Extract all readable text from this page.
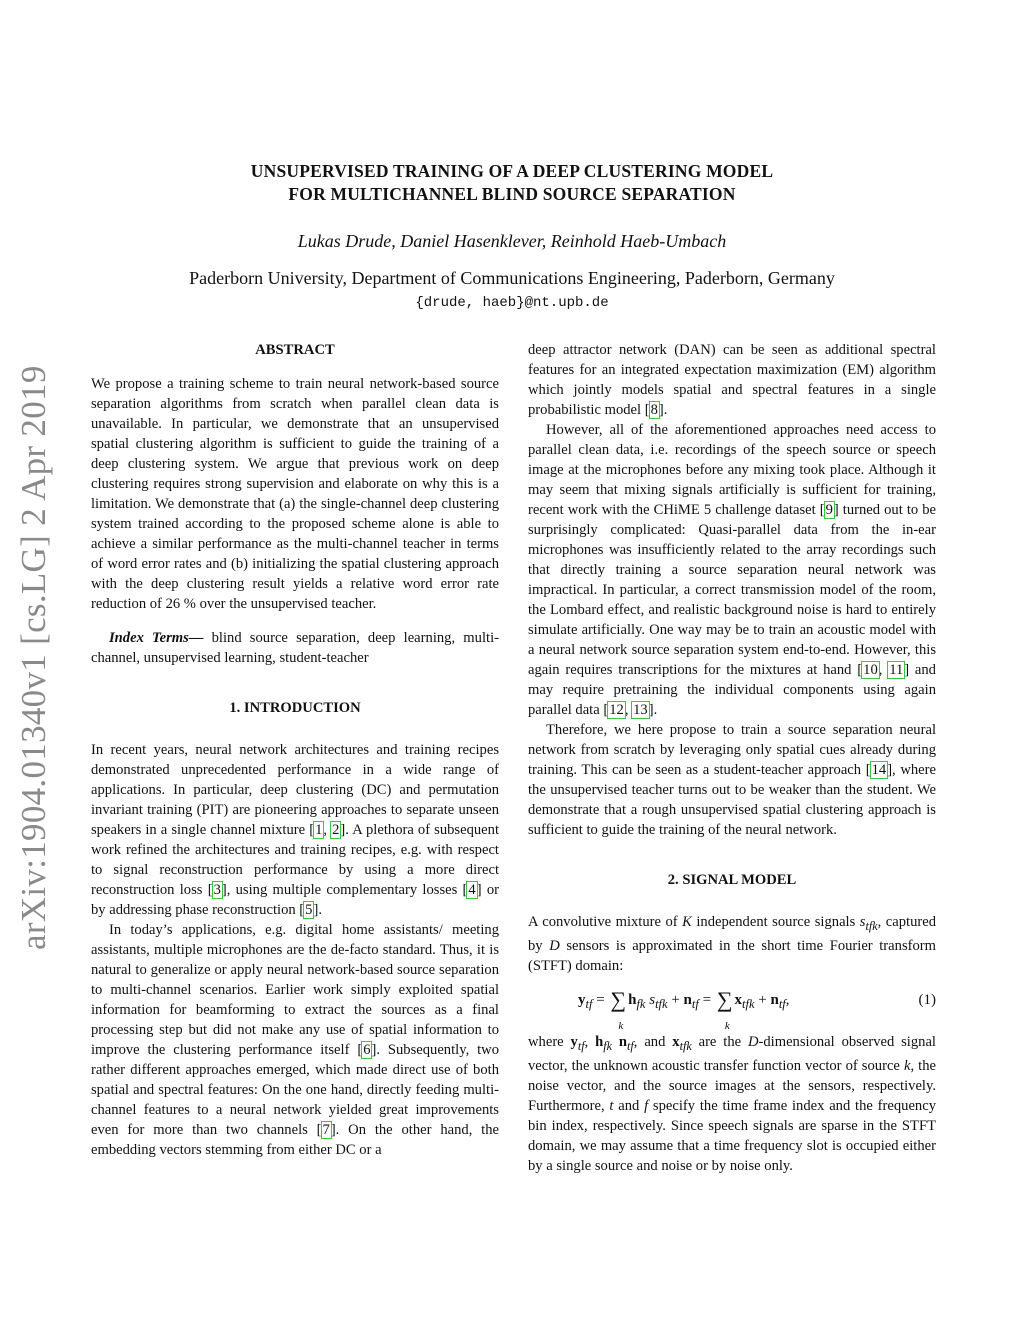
arXiv:1904.01340v1 [cs.LG] 2 Apr 2019
UNSUPERVISED TRAINING OF A DEEP CLUSTERING MODEL
FOR MULTICHANNEL BLIND SOURCE SEPARATION
Lukas Drude, Daniel Hasenklever, Reinhold Haeb-Umbach
Paderborn University, Department of Communications Engineering, Paderborn, Germany
{drude, haeb}@nt.upb.de
ABSTRACT

We propose a training scheme to train neural network-based source separation algorithms from scratch when parallel clean data is unavailable. In particular, we demonstrate that an unsupervised spatial clustering algorithm is sufficient to guide the training of a deep clustering system. We argue that previous work on deep clustering requires strong supervision and elaborate on why this is a limitation. We demonstrate that (a) the single-channel deep clustering system trained according to the proposed scheme alone is able to achieve a similar performance as the multi-channel teacher in terms of word error rates and (b) initializing the spatial clustering approach with the deep clustering result yields a relative word error rate reduction of 26 % over the unsupervised teacher.

Index Terms— blind source separation, deep learning, multi-channel, unsupervised learning, student-teacher

1. INTRODUCTION

In recent years, neural network architectures and training recipes demonstrated unprecedented performance in a wide range of applications. In particular, deep clustering (DC) and permutation invariant training (PIT) are pioneering approaches to separate unseen speakers in a single channel mixture [1, 2]. A plethora of subsequent work refined the architectures and training recipes, e.g. with respect to signal reconstruction performance by using a more direct reconstruction loss [3], using multiple complementary losses [4] or by addressing phase reconstruction [5].

In today’s applications, e.g. digital home assistants/ meeting assistants, multiple microphones are the de-facto standard. Thus, it is natural to generalize or apply neural network-based source separation to multi-channel scenarios. Earlier work simply exploited spatial information for beamforming to extract the sources as a final processing step but did not make any use of spatial information to improve the clustering performance itself [6]. Subsequently, two rather different approaches emerged, which made direct use of both spatial and spectral features: On the one hand, directly feeding multi-channel features to a neural network yielded great improvements even for more than two channels [7]. On the other hand, the embedding vectors stemming from either DC or a

deep attractor network (DAN) can be seen as additional spectral features for an integrated expectation maximization (EM) algorithm which jointly models spatial and spectral features in a single probabilistic model [8].

However, all of the aforementioned approaches need access to parallel clean data, i.e. recordings of the speech source or speech image at the microphones before any mixing took place. Although it may seem that mixing signals artificially is sufficient for training, recent work with the CHiME 5 challenge dataset [9] turned out to be surprisingly complicated: Quasi-parallel data from the in-ear microphones was insufficiently related to the array recordings such that directly training a source separation neural network was impractical. In particular, a correct transmission model of the room, the Lombard effect, and realistic background noise is hard to entirely simulate artificially. One way may be to train an acoustic model with a neural network source separation system end-to-end. However, this again requires transcriptions for the mixtures at hand [10, 11] and may require pretraining the individual components using again parallel data [12, 13].

Therefore, we here propose to train a source separation neural network from scratch by leveraging only spatial cues already during training. This can be seen as a student-teacher approach [14], where the unsupervised teacher turns out to be weaker than the student. We demonstrate that a rough unsupervised spatial clustering approach is sufficient to guide the training of the neural network.

2. SIGNAL MODEL

A convolutive mixture of K independent source signals $s_{tfk}$, captured by D sensors is approximated in the short time Fourier transform (STFT) domain:

$y_{tf}$ = ∑
k
$h_{fk}$ $s_{tfk} + n_{tf}$ = ∑
k
$x_{tfk} + n_{tf}$,	(1)

where $y_{tf}$, $h_{fk}$ $n_{tf}$, and $x_{tfk}$ are the D-dimensional observed signal vector, the unknown acoustic transfer function vector of source k, the noise vector, and the source images at the sensors, respectively. Furthermore, t and f specify the time frame index and the frequency bin index, respectively. Since speech signals are sparse in the STFT domain, we may assume that a time frequency slot is occupied either by a single source and noise or by noise only.
